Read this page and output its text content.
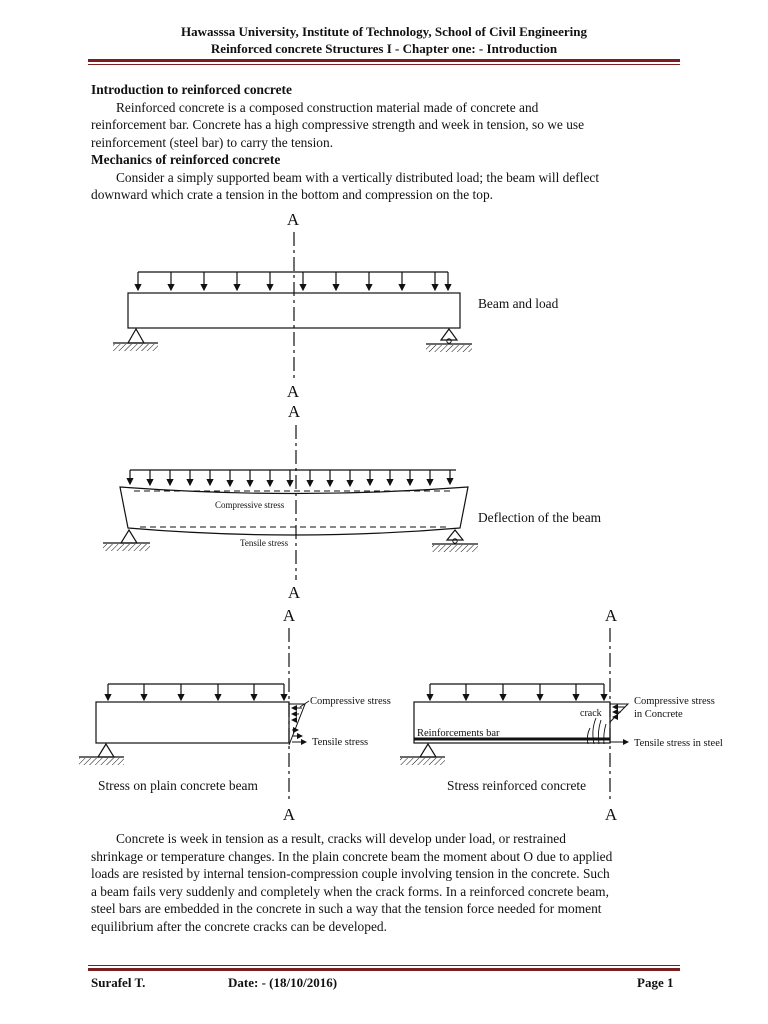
Hawasssa University, Institute of Technology, School of Civil Engineering
Reinforced concrete Structures I - Chapter one: - Introduction
Introduction to reinforced concrete
Reinforced concrete is a composed construction material made of concrete and
reinforcement bar. Concrete has a high compressive strength and week in tension, so we use
reinforcement (steel bar) to carry the tension.
Mechanics of reinforced concrete
Consider a simply supported beam with a vertically distributed load; the beam will deflect
downward which crate a tension in the bottom and compression on the top.
A
Beam and load
A
A
Compressive stress
Tensile stress
Deflection of the beam
A
A
Compressive stress
Tensile stress
Stress on plain concrete beam
A
A
Reinforcements bar
crack
Compressive stress
in Concrete
Tensile stress in steel
Stress reinforced concrete
A
Concrete is week in tension as a result, cracks will develop under load, or restrained
shrinkage or temperature changes. In the plain concrete beam the moment about O due to applied
loads are resisted by internal tension-compression couple involving tension in the concrete. Such
a beam fails very suddenly and completely when the crack forms. In a reinforced concrete beam,
steel bars are embedded in the concrete in such a way that the tension force needed for moment
equilibrium after the concrete cracks can be developed.
Surafel T.	Date: - (18/10/2016)	Page 1
